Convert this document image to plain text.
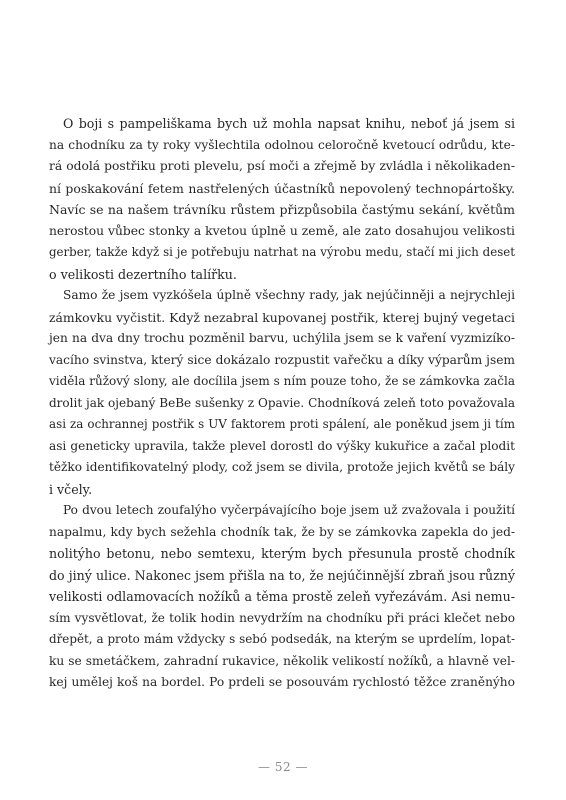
O boji s pampeliškama bych už mohla napsat knihu, neboť já jsem si
na chodníku za ty roky vyšlechtila odolnou celoročně kvetoucí odrůdu, kte-
rá odolá postřiku proti plevelu, psí moči a zřejmě by zvládla i několikaden-
ní poskakování fetem nastřelených účastníků nepovolený technopártošky.
Navíc se na našem trávníku růstem přizpůsobila častýmu sekání, květům
nerostou vůbec stonky a kvetou úplně u země, ale zato dosahujou velikosti
gerber, takže když si je potřebuju natrhat na výrobu medu, stačí mi jich deset
o velikosti dezertního talířku.
Samo že jsem vyzkóšela úplně všechny rady, jak nejúčinněji a nejrychleji
zámkovku vyčistit. Když nezabral kupovanej postřik, kterej bujný vegetaci
jen na dva dny trochu pozměnil barvu, uchýlila jsem se k vaření vyzmizíko-
vacího svinstva, který sice dokázalo rozpustit vařečku a díky výparům jsem
viděla růžový slony, ale docílila jsem s ním pouze toho, že se zámkovka začla
drolit jak ojebaný BeBe sušenky z Opavie. Chodníková zeleň toto považovala
asi za ochrannej postřik s UV faktorem proti spálení, ale poněkud jsem ji tím
asi geneticky upravila, takže plevel dorostl do výšky kukuřice a začal plodit
těžko identifikovatelný plody, což jsem se divila, protože jejich květů se bály
i včely.
Po dvou letech zoufalýho vyčerpávajícího boje jsem už zvažovala i použití
napalmu, kdy bych sežehla chodník tak, že by se zámkovka zapekla do jed-
nolitýho betonu, nebo semtexu, kterým bych přesunula prostě chodník
do jiný ulice. Nakonec jsem přišla na to, že nejúčinnější zbraň jsou různý
velikosti odlamovacích nožíků a těma prostě zeleň vyřezávám. Asi nemu-
sím vysvětlovat, že tolik hodin nevydržím na chodníku při práci klečet nebo
dřepět, a proto mám vždycky s sebó podsedák, na kterým se uprdelím, lopat-
ku se smetáčkem, zahradní rukavice, několik velikostí nožíků, a hlavně vel-
kej umělej koš na bordel. Po prdeli se posouvám rychlostó těžce zraněnýho
— 52 —
